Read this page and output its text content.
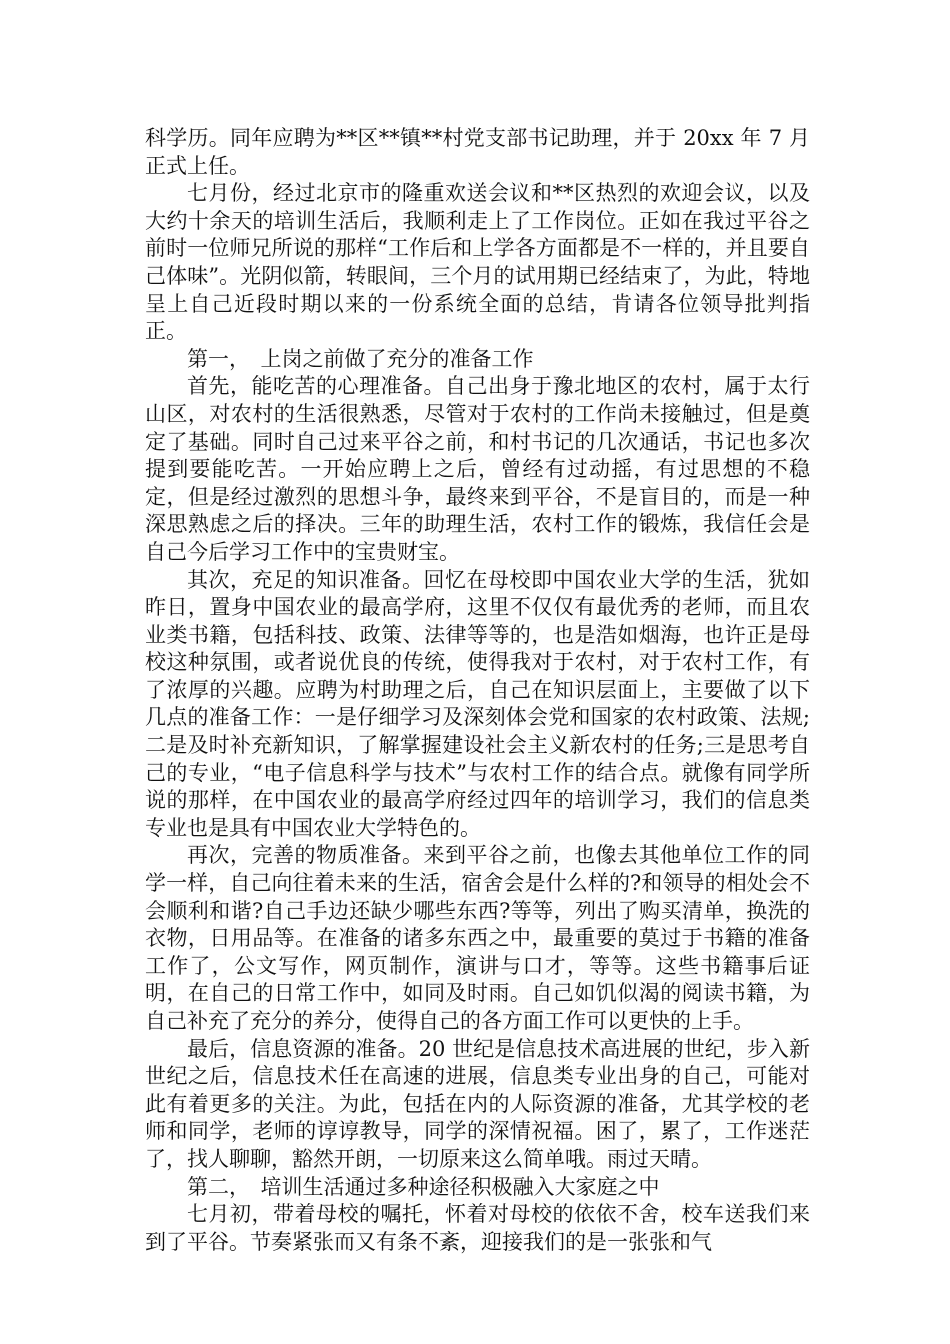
科学历。同年应聘为**区**镇**村党支部书记助理，并于 20xx 年 7 月正式上任。

七月份，经过北京市的隆重欢送会议和**区热烈的欢迎会议，以及大约十余天的培训生活后，我顺利走上了工作岗位。正如在我过平谷之前时一位师兄所说的那样“工作后和上学各方面都是不一样的，并且要自己体味”。光阴似箭，转眼间，三个月的试用期已经结束了，为此，特地呈上自己近段时期以来的一份系统全面的总结，肯请各位领导批判指正。

第一，　上岗之前做了充分的准备工作

首先，能吃苦的心理准备。自己出身于豫北地区的农村，属于太行山区，对农村的生活很熟悉，尽管对于农村的工作尚未接触过，但是奠定了基础。同时自己过来平谷之前，和村书记的几次通话，书记也多次提到要能吃苦。一开始应聘上之后，曾经有过动摇，有过思想的不稳定，但是经过激烈的思想斗争，最终来到平谷，不是盲目的，而是一种深思熟虑之后的择决。三年的助理生活，农村工作的锻炼，我信任会是自己今后学习工作中的宝贵财宝。

其次，充足的知识准备。回忆在母校即中国农业大学的生活，犹如昨日，置身中国农业的最高学府，这里不仅仅有最优秀的老师，而且农业类书籍，包括科技、政策、法律等等的，也是浩如烟海，也许正是母校这种氛围，或者说优良的传统，使得我对于农村，对于农村工作，有了浓厚的兴趣。应聘为村助理之后，自己在知识层面上，主要做了以下几点的准备工作：一是仔细学习及深刻体会党和国家的农村政策、法规;二是及时补充新知识，了解掌握建设社会主义新农村的任务;三是思考自己的专业，“电子信息科学与技术”与农村工作的结合点。就像有同学所说的那样，在中国农业的最高学府经过四年的培训学习，我们的信息类专业也是具有中国农业大学特色的。

再次，完善的物质准备。来到平谷之前，也像去其他单位工作的同学一样，自己向往着未来的生活，宿舍会是什么样的?和领导的相处会不会顺利和谐?自己手边还缺少哪些东西?等等，列出了购买清单，换洗的衣物，日用品等。在准备的诸多东西之中，最重要的莫过于书籍的准备工作了，公文写作，网页制作，演讲与口才，等等。这些书籍事后证明，在自己的日常工作中，如同及时雨。自己如饥似渴的阅读书籍，为自己补充了充分的养分，使得自己的各方面工作可以更快的上手。

最后，信息资源的准备。20 世纪是信息技术高进展的世纪，步入新世纪之后，信息技术任在高速的进展，信息类专业出身的自己，可能对此有着更多的关注。为此，包括在内的人际资源的准备，尤其学校的老师和同学，老师的谆谆教导，同学的深情祝福。困了，累了，工作迷茫了，找人聊聊，豁然开朗，一切原来这么简单哦。雨过天晴。

第二，　培训生活通过多种途径积极融入大家庭之中

七月初，带着母校的嘱托，怀着对母校的依依不舍，校车送我们来到了平谷。节奏紧张而又有条不紊，迎接我们的是一张张和气
